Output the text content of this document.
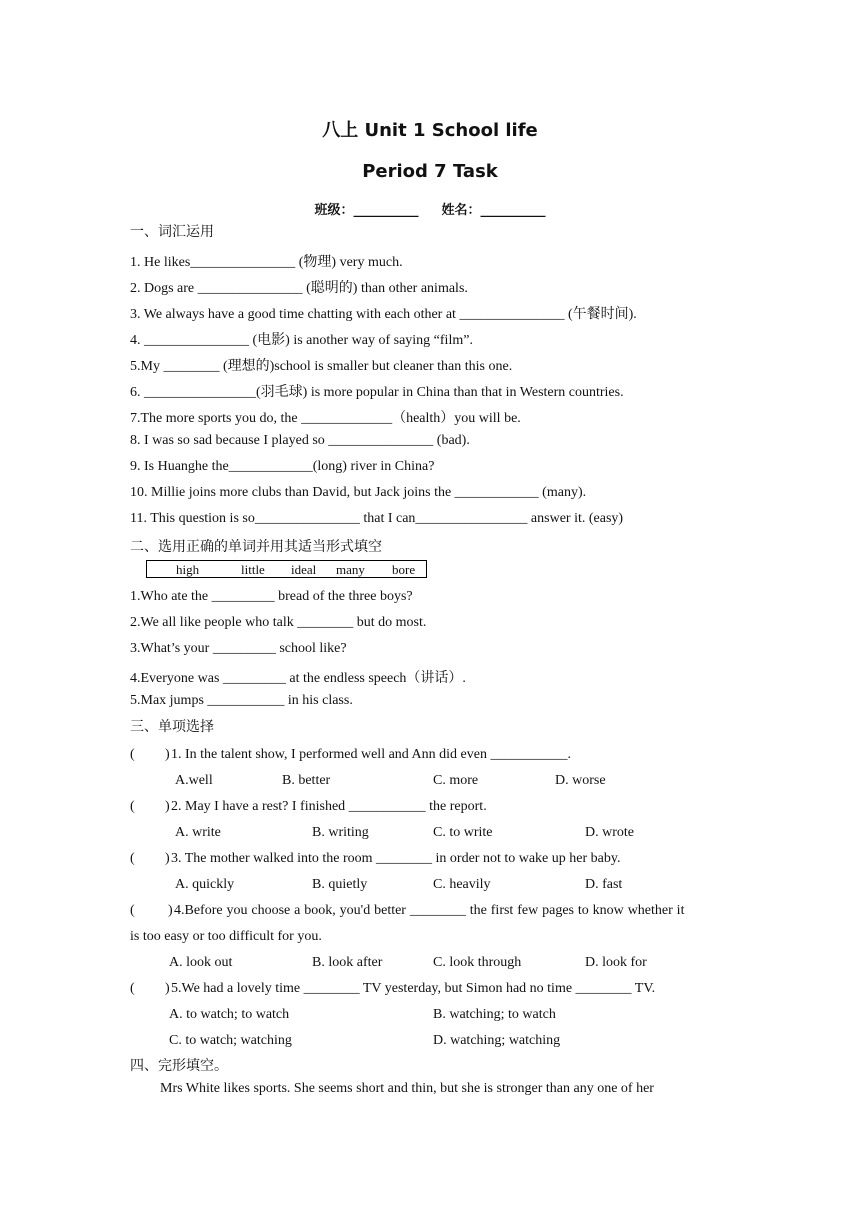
八上 Unit 1 School life
Period 7 Task
班级：__________ 姓名：__________
一、词汇运用
1. He likes_______________ (物理) very much.
2. Dogs are _______________ (聪明的) than other animals.
3. We always have a good time chatting with each other at _______________ (午餐时间).
4. _______________ (电影) is another way of saying “film”.
5.My ________ (理想的)school is smaller but cleaner than this one.
6. ________________(羽毛球) is more popular in China than that in Western countries.
7.The more sports you do, the _____________（health）you will be.
8. I was so sad because I played so _______________ (bad).
9. Is Huanghe the____________(long) river in China?
10. Millie joins more clubs than David, but Jack joins the ____________ (many).
11. This question is so_______________ that I can________________ answer it. (easy)
二、选用正确的单词并用其适当形式填空
high	little ideal many bore
1.Who ate the _________ bread of the three boys?
2.We all like people who talk ________ but do most.
3.What’s your _________ school like?
4.Everyone was _________ at the endless speech（讲话）.
5.Max jumps ___________ in his class.
三、单项选择
( ) 1. In the talent show, I performed well and Ann did even ___________.
A.well	B. better	C. more	D. worse
( ) 2. May I have a rest? I finished ___________ the report.
A. write	B. writing	C. to write	D. wrote
( ) 3. The mother walked into the room ________ in order not to wake up her baby.
A. quickly	B. quietly	C. heavily	D. fast
( ) 4.Before you choose a book, you'd better ________ the first few pages to know whether it
is too easy or too difficult for you.
A. look out	B. look after	C. look through	D. look for
( ) 5.We had a lovely time ________ TV yesterday, but Simon had no time ________ TV.
A. to watch; to watch	B. watching; to watch
C. to watch; watching	D. watching; watching
四、完形填空。
Mrs White likes sports. She seems short and thin, but she is stronger than any one of her
